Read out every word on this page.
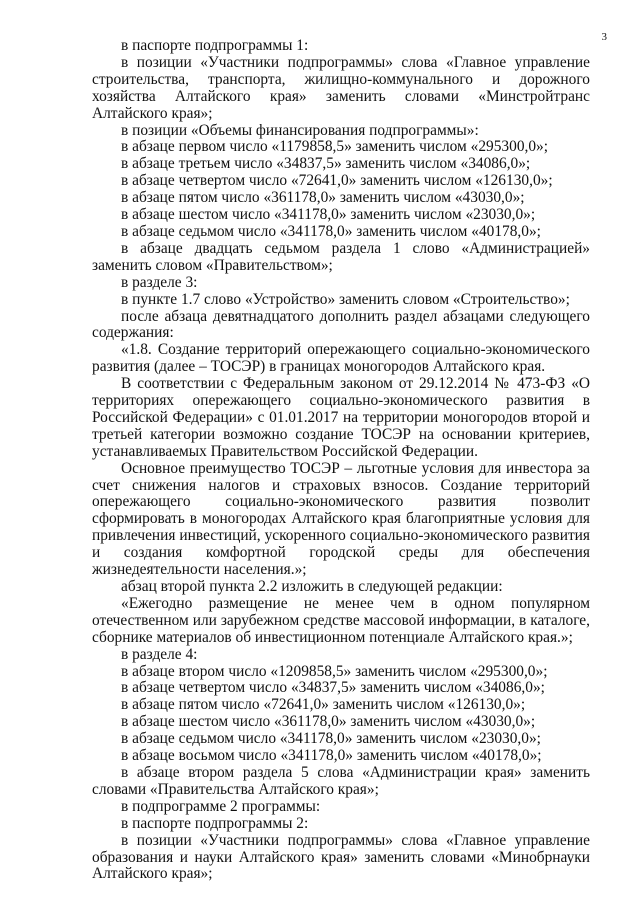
3

в паспорте подпрограммы 1:

в позиции «Участники подпрограммы» слова «Главное управление строительства, транспорта, жилищно-коммунального и дорожного хозяйства Алтайского края» заменить словами «Минстройтранс Алтайского края»;

в позиции «Объемы финансирования подпрограммы»:

в абзаце первом число «1179858,5» заменить числом «295300,0»;

в абзаце третьем число «34837,5» заменить числом «34086,0»;

в абзаце четвертом число «72641,0» заменить числом «126130,0»;

в абзаце пятом число «361178,0» заменить числом «43030,0»;

в абзаце шестом число «341178,0» заменить числом «23030,0»;

в абзаце седьмом число «341178,0» заменить числом «40178,0»;

в абзаце двадцать седьмом раздела 1 слово «Администрацией» заменить словом «Правительством»;

в разделе 3:

в пункте 1.7 слово «Устройство» заменить словом «Строительство»;

после абзаца девятнадцатого дополнить раздел абзацами следующего содержания:

«1.8. Создание территорий опережающего социально-экономического развития (далее – ТОСЭР) в границах моногородов Алтайского края.

В соответствии с Федеральным законом от 29.12.2014 № 473-ФЗ «О территориях опережающего социально-экономического развития в Российской Федерации» с 01.01.2017 на территории моногородов второй и третьей категории возможно создание ТОСЭР на основании критериев, устанавливаемых Правительством Российской Федерации.

Основное преимущество ТОСЭР – льготные условия для инвестора за счет снижения налогов и страховых взносов. Создание территорий опережающего социально-экономического развития позволит сформировать в моногородах Алтайского края благоприятные условия для привлечения инвестиций, ускоренного социально-экономического развития и создания комфортной городской среды для обеспечения жизнедеятельности населения.»;

абзац второй пункта 2.2 изложить в следующей редакции:

«Ежегодно размещение не менее чем в одном популярном отечественном или зарубежном средстве массовой информации, в каталоге, сборнике материалов об инвестиционном потенциале Алтайского края.»;

в разделе 4:

в абзаце втором число «1209858,5» заменить числом «295300,0»;

в абзаце четвертом число «34837,5» заменить числом «34086,0»;

в абзаце пятом число «72641,0» заменить числом «126130,0»;

в абзаце шестом число «361178,0» заменить числом «43030,0»;

в абзаце седьмом число «341178,0» заменить числом «23030,0»;

в абзаце восьмом число «341178,0» заменить числом «40178,0»;

в абзаце втором раздела 5 слова «Администрации края» заменить словами «Правительства Алтайского края»;

в подпрограмме 2 программы:

в паспорте подпрограммы 2:

в позиции «Участники подпрограммы» слова «Главное управление образования и науки Алтайского края» заменить словами «Минобрнауки Алтайского края»;
